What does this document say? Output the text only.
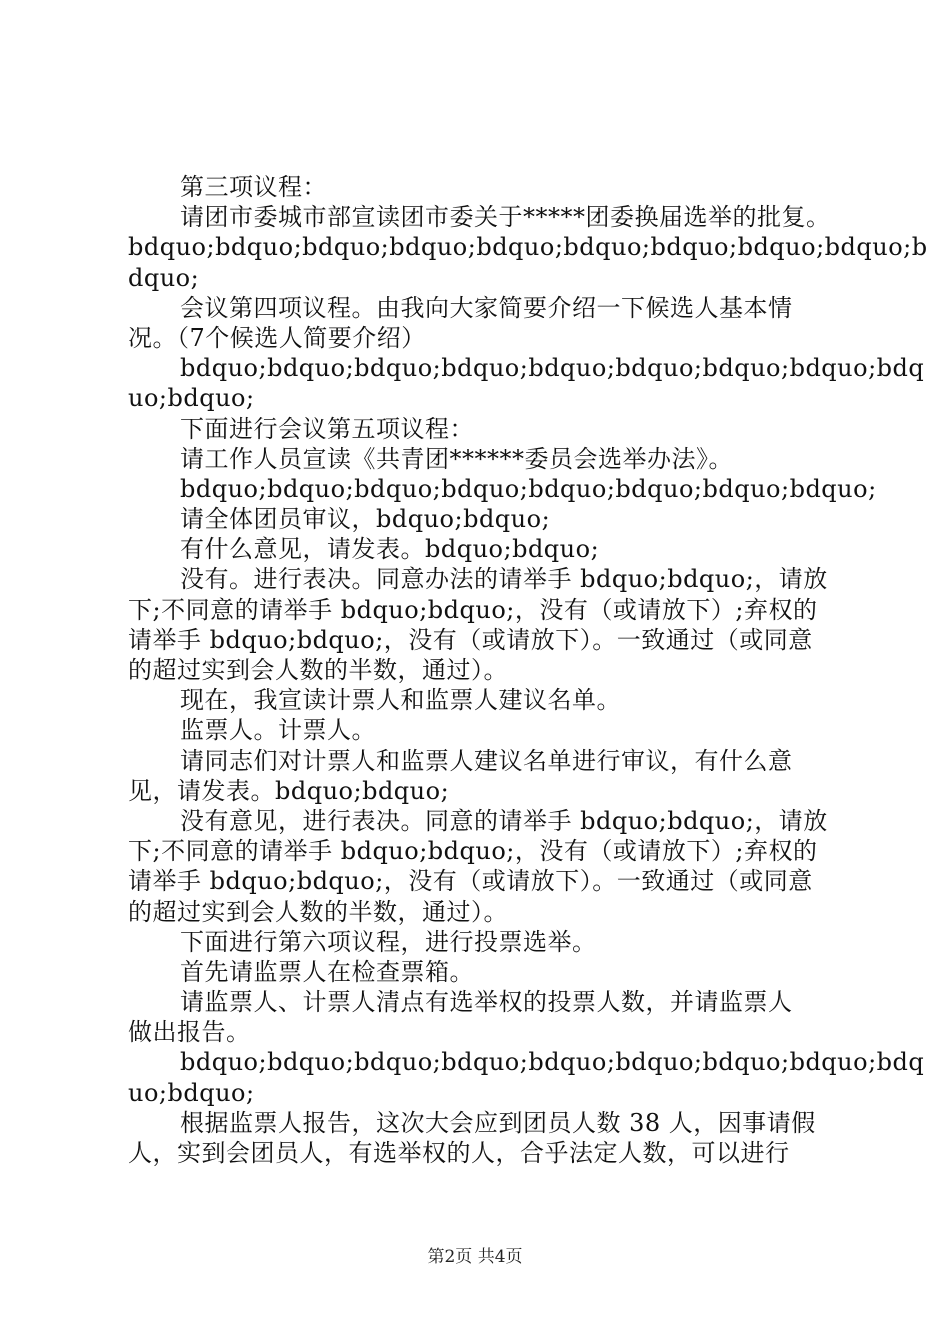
第三项议程：
请团市委城市部宣读团市委关于*****团委换届选举的批复。
bdquo;bdquo;bdquo;bdquo;bdquo;bdquo;bdquo;bdquo;bdquo;b
dquo;
会议第四项议程。由我向大家简要介绍一下候选人基本情
况。（7个候选人简要介绍）
bdquo;bdquo;bdquo;bdquo;bdquo;bdquo;bdquo;bdquo;bdq
uo;bdquo;
下面进行会议第五项议程：
请工作人员宣读《共青团******委员会选举办法》。
bdquo;bdquo;bdquo;bdquo;bdquo;bdquo;bdquo;bdquo;
请全体团员审议，bdquo;bdquo;
有什么意见，请发表。bdquo;bdquo;
没有。进行表决。同意办法的请举手 bdquo;bdquo;，请放
下;不同意的请举手 bdquo;bdquo;，没有（或请放下）;弃权的
请举手 bdquo;bdquo;，没有（或请放下）。一致通过（或同意
的超过实到会人数的半数，通过）。
现在，我宣读计票人和监票人建议名单。
监票人。计票人。
请同志们对计票人和监票人建议名单进行审议，有什么意
见，请发表。bdquo;bdquo;
没有意见，进行表决。同意的请举手 bdquo;bdquo;，请放
下;不同意的请举手 bdquo;bdquo;，没有（或请放下）;弃权的
请举手 bdquo;bdquo;，没有（或请放下）。一致通过（或同意
的超过实到会人数的半数，通过）。
下面进行第六项议程，进行投票选举。
首先请监票人在检查票箱。
请监票人、计票人清点有选举权的投票人数，并请监票人
做出报告。
bdquo;bdquo;bdquo;bdquo;bdquo;bdquo;bdquo;bdquo;bdq
uo;bdquo;
根据监票人报告，这次大会应到团员人数 38 人，因事请假
人，实到会团员人，有选举权的人，合乎法定人数，可以进行
第2页 共4页
